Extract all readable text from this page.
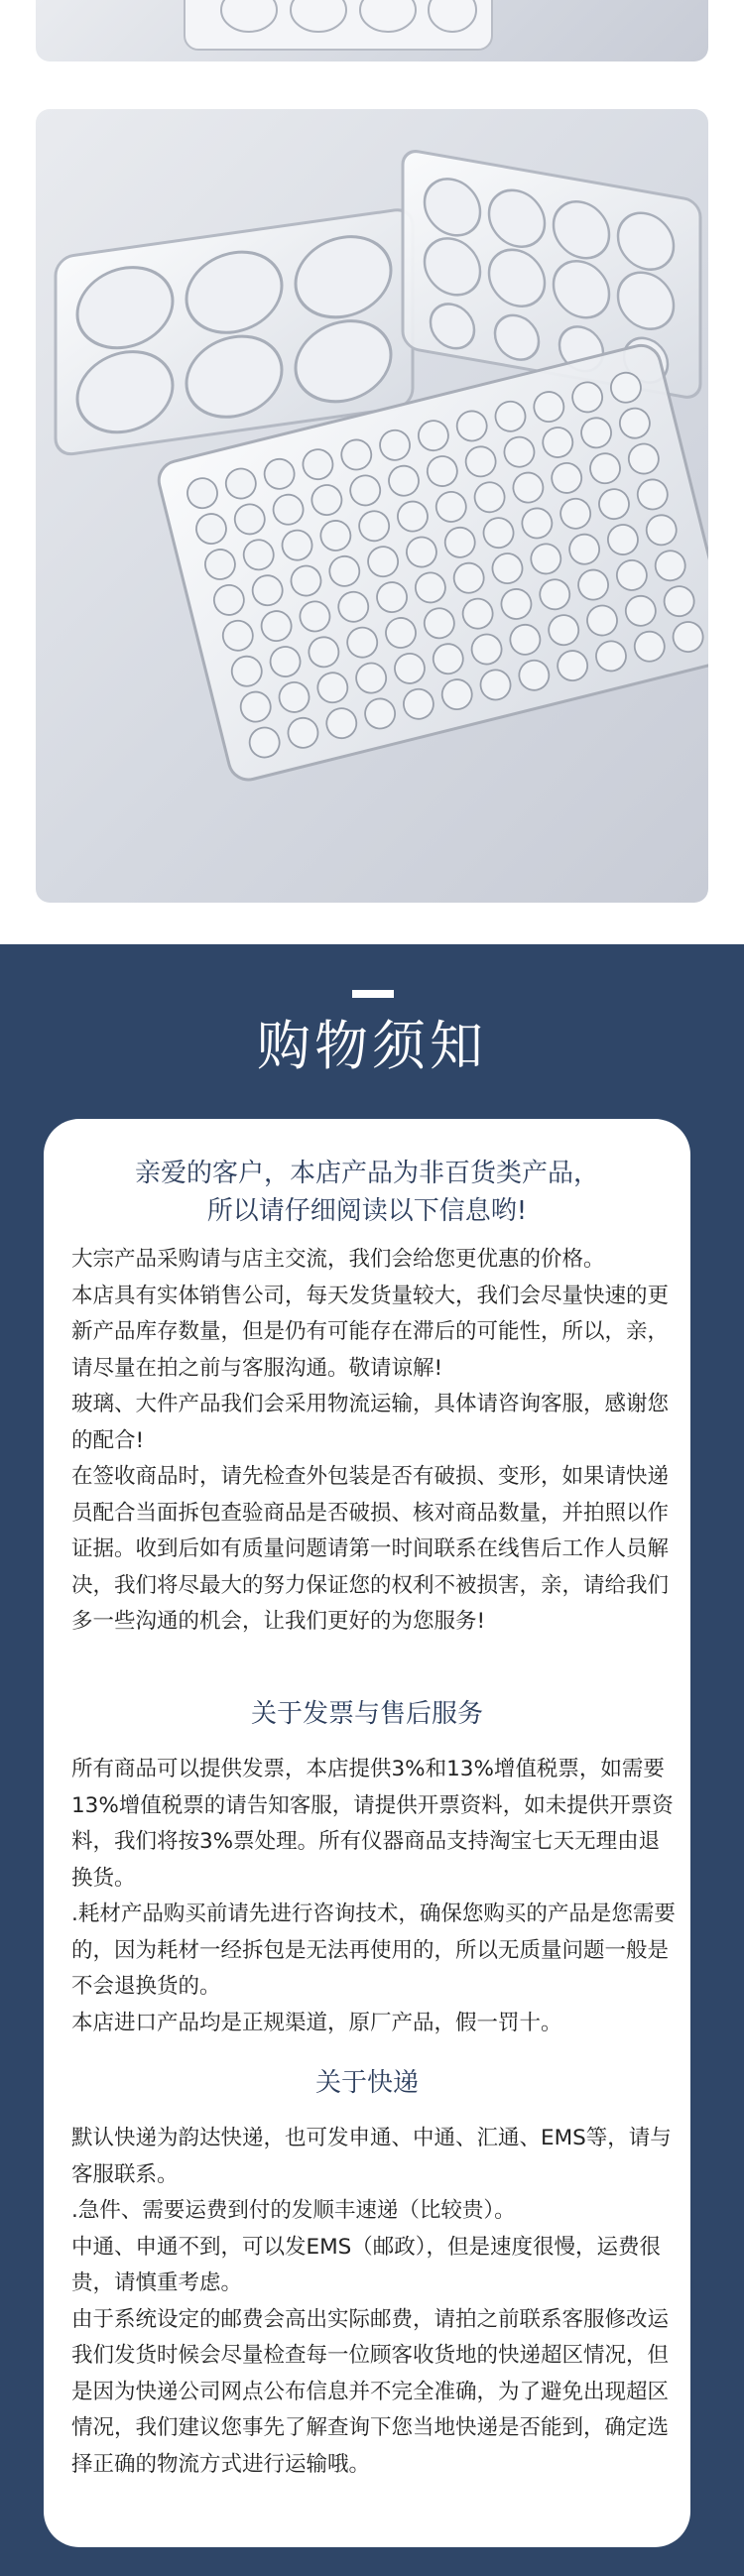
购物须知
亲爱的客户，本店产品为非百货类产品，
所以请仔细阅读以下信息哟!

大宗产品采购请与店主交流，我们会给您更优惠的价格。

本店具有实体销售公司，每天发货量较大，我们会尽量快速的更新产品库存数量，但是仍有可能存在滞后的可能性，所以，亲，请尽量在拍之前与客服沟通。敬请谅解!

玻璃、大件产品我们会采用物流运输，具体请咨询客服，感谢您的配合!

在签收商品时，请先检查外包装是否有破损、变形，如果请快递员配合当面拆包查验商品是否破损、核对商品数量，并拍照以作证据。收到后如有质量问题请第一时间联系在线售后工作人员解决，我们将尽最大的努力保证您的权利不被损害，亲，请给我们多一些沟通的机会，让我们更好的为您服务!

关于发票与售后服务

所有商品可以提供发票，本店提供3%和13%增值税票，如需要13%增值税票的请告知客服，请提供开票资料，如未提供开票资料，我们将按3%票处理。所有仪器商品支持淘宝七天无理由退换货。

.耗材产品购买前请先进行咨询技术，确保您购买的产品是您需要的，因为耗材一经拆包是无法再使用的，所以无质量问题一般是不会退换货的。

本店进口产品均是正规渠道，原厂产品，假一罚十。

关于快递

默认快递为韵达快递，也可发申通、中通、汇通、EMS等，请与客服联系。

.急件、需要运费到付的发顺丰速递（比较贵）。

中通、申通不到，可以发EMS（邮政），但是速度很慢，运费很贵，请慎重考虑。

由于系统设定的邮费会高出实际邮费，请拍之前联系客服修改运

我们发货时候会尽量检查每一位顾客收货地的快递超区情况，但是因为快递公司网点公布信息并不完全准确，为了避免出现超区情况，我们建议您事先了解查询下您当地快递是否能到，确定选择正确的物流方式进行运输哦。
